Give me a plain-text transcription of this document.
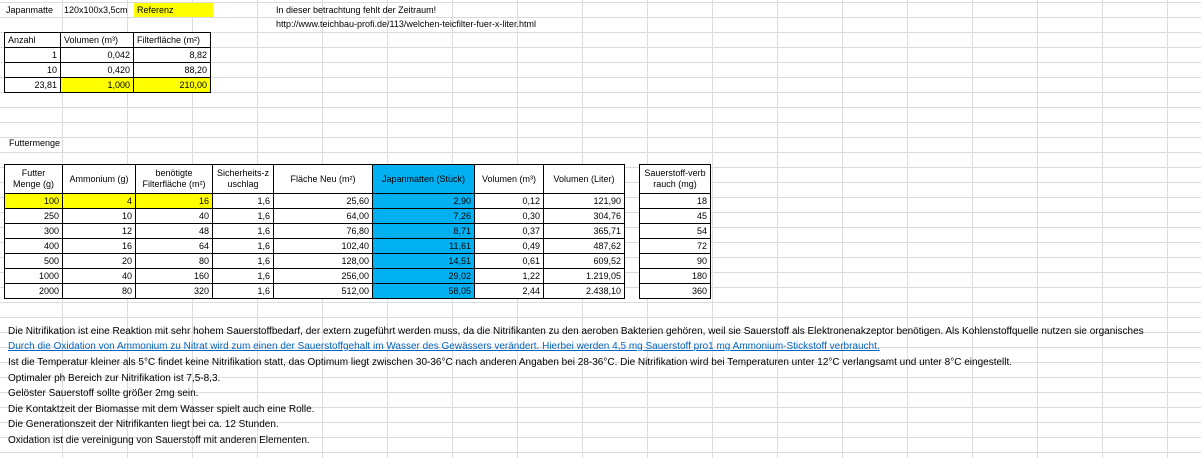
Japanmatte	120x100x3,5cm	Referenz	In dieser betrachtung fehlt der Zeitraum!
http://www.teichbau-profi.de/113/welchen-teicfilter-fuer-x-liter.html
Anzahl	Volumen (m³)	Filterfläche (m²)
1	0,042	8,82
10	0,420	88,20
23,81	1,000	210,00
Futtermenge
Futter Menge (g)	Ammonium (g)	benötigte Filterfläche (m²)	Sicherheits-zuschlag	Fläche Neu (m²)	Japanmatten (Stück)	Volumen (m³)	Volumen (Liter)
100	4	16	1,6	25,60	2,90	0,12	121,90
250	10	40	1,6	64,00	7,26	0,30	304,76
300	12	48	1,6	76,80	8,71	0,37	365,71
400	16	64	1,6	102,40	11,61	0,49	487,62
500	20	80	1,6	128,00	14,51	0,61	609,52
1000	40	160	1,6	256,00	29,02	1,22	1.219,05
2000	80	320	1,6	512,00	58,05	2,44	2.438,10
Sauerstoff-verbrauch (mg)
18
45
54
72
90
180
360
Die Nitrifikation ist eine Reaktion mit sehr hohem Sauerstoffbedarf, der extern zugeführt werden muss, da die Nitrifikanten zu den aeroben Bakterien gehören, weil sie Sauerstoff als Elektronenakzeptor benötigen. Als Kohlenstoffquelle nutzen sie organisches
Durch die Oxidation von Ammonium zu Nitrat wird zum einen der Sauerstoffgehalt im Wasser des Gewässers verändert. Hierbei werden 4,5 mg Sauerstoff pro1 mg Ammonium-Stickstoff verbraucht.
Ist die Temperatur kleiner als 5°C findet keine Nitrifikation statt, das Optimum liegt zwischen 30-36°C nach anderen Angaben bei 28-36°C. Die Nitrifikation wird bei Temperaturen unter 12°C verlangsamt und unter 8°C eingestellt.
Optimaler ph Bereich zur Nitrifikation ist 7,5-8,3.
Gelöster Sauerstoff sollte größer 2mg sein.
Die Kontaktzeit der Biomasse mit dem Wasser spielt auch eine Rolle.
Die Generationszeit der Nitrifikanten liegt bei ca. 12 Stunden.
Oxidation ist die vereinigung von Sauerstoff mit anderen Elementen.
